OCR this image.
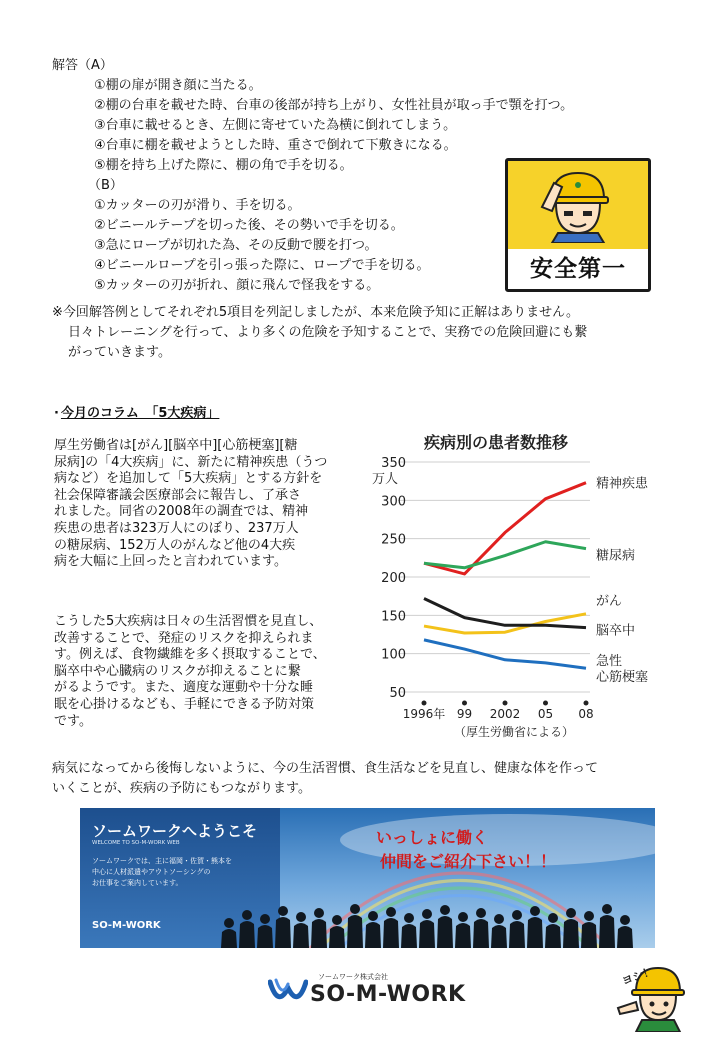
解答（A）
①棚の扉が開き顔に当たる。
②棚の台車を載せた時、台車の後部が持ち上がり、女性社員が取っ手で顎を打つ。
③台車に載せるとき、左側に寄せていた為横に倒れてしまう。
④台車に棚を載せようとした時、重さで倒れて下敷きになる。
⑤棚を持ち上げた際に、棚の角で手を切る。
（B）
①カッターの刃が滑り、手を切る。
②ビニールテープを切った後、その勢いで手を切る。
③急にロープが切れた為、その反動で腰を打つ。
④ビニールロープを引っ張った際に、ロープで手を切る。
⑤カッターの刃が折れ、顔に飛んで怪我をする。
安全第一
※今回解答例としてそれぞれ5項目を列記しましたが、本来危険予知に正解はありません。
日々トレーニングを行って、より多くの危険を予知することで、実務での危険回避にも繋
がっていきます。
· 今月のコラム　「5大疾病」
厚生労働省は[がん][脳卒中][心筋梗塞][糖
尿病]の「4大疾病」に、新たに精神疾患（うつ
病など）を追加して「5大疾病」とする方針を
社会保障審議会医療部会に報告し、了承さ
れました。同省の2008年の調査では、精神
疾患の患者は323万人にのぼり、237万人
の糖尿病、152万人のがんなど他の4大疾
病を大幅に上回ったと言われています。
こうした5大疾病は日々の生活習慣を見直し、
改善することで、発症のリスクを抑えられま
す。例えば、食物繊維を多く摂取することで、
脳卒中や心臓病のリスクが抑えることに繋
がるようです。また、適度な運動や十分な睡
眠を心掛けるなども、手軽にできる予防対策
です。
疾病別の患者数推移
350
300
250
200
150
100
50
万人
1996年 99 2002 05 08
（厚生労働省による）
精神疾患
糖尿病
がん
脳卒中
急性
心筋梗塞
病気になってから後悔しないように、今の生活習慣、食生活などを見直し、健康な体を作って
いくことが、疾病の予防にもつながります。
ソームワークへようこそ
WELCOME TO SO-M-WORK WEB
ソームワークでは、主に福岡・佐賀・熊本を
中心に人材派遣やアウトソーシングの
お仕事をご案内しています。
SO-M-WORK
いっしょに働く
仲間をご紹介下さい！！
ソームワーク株式会社
SO-M-WORK
ヨシ！
